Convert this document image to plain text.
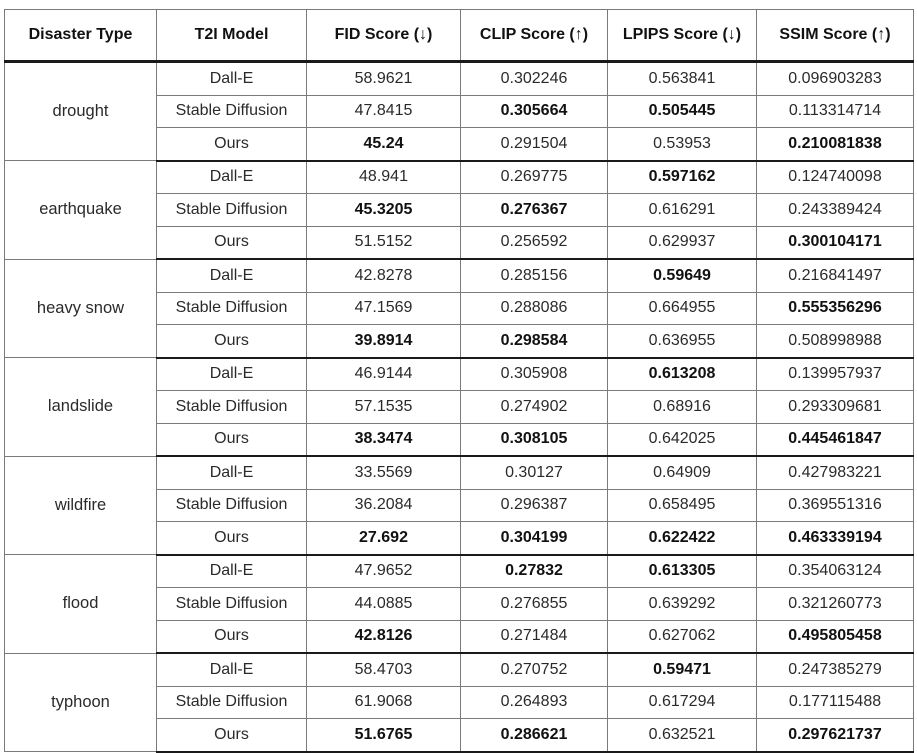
Disaster Type	T2I Model	FID Score (↓)	CLIP Score (↑)	LPIPS Score (↓)	SSIM Score (↑)
drought	Dall-E	58.9621	0.302246	0.563841	0.096903283
	Stable Diffusion	47.8415	0.305664	0.505445	0.113314714
	Ours	45.24	0.291504	0.53953	0.210081838
earthquake	Dall-E	48.941	0.269775	0.597162	0.124740098
	Stable Diffusion	45.3205	0.276367	0.616291	0.243389424
	Ours	51.5152	0.256592	0.629937	0.300104171
heavy snow	Dall-E	42.8278	0.285156	0.59649	0.216841497
	Stable Diffusion	47.1569	0.288086	0.664955	0.555356296
	Ours	39.8914	0.298584	0.636955	0.508998988
landslide	Dall-E	46.9144	0.305908	0.613208	0.139957937
	Stable Diffusion	57.1535	0.274902	0.68916	0.293309681
	Ours	38.3474	0.308105	0.642025	0.445461847
wildfire	Dall-E	33.5569	0.30127	0.64909	0.427983221
	Stable Diffusion	36.2084	0.296387	0.658495	0.369551316
	Ours	27.692	0.304199	0.622422	0.463339194
flood	Dall-E	47.9652	0.27832	0.613305	0.354063124
	Stable Diffusion	44.0885	0.276855	0.639292	0.321260773
	Ours	42.8126	0.271484	0.627062	0.495805458
typhoon	Dall-E	58.4703	0.270752	0.59471	0.247385279
	Stable Diffusion	61.9068	0.264893	0.617294	0.177115488
	Ours	51.6765	0.286621	0.632521	0.297621737
